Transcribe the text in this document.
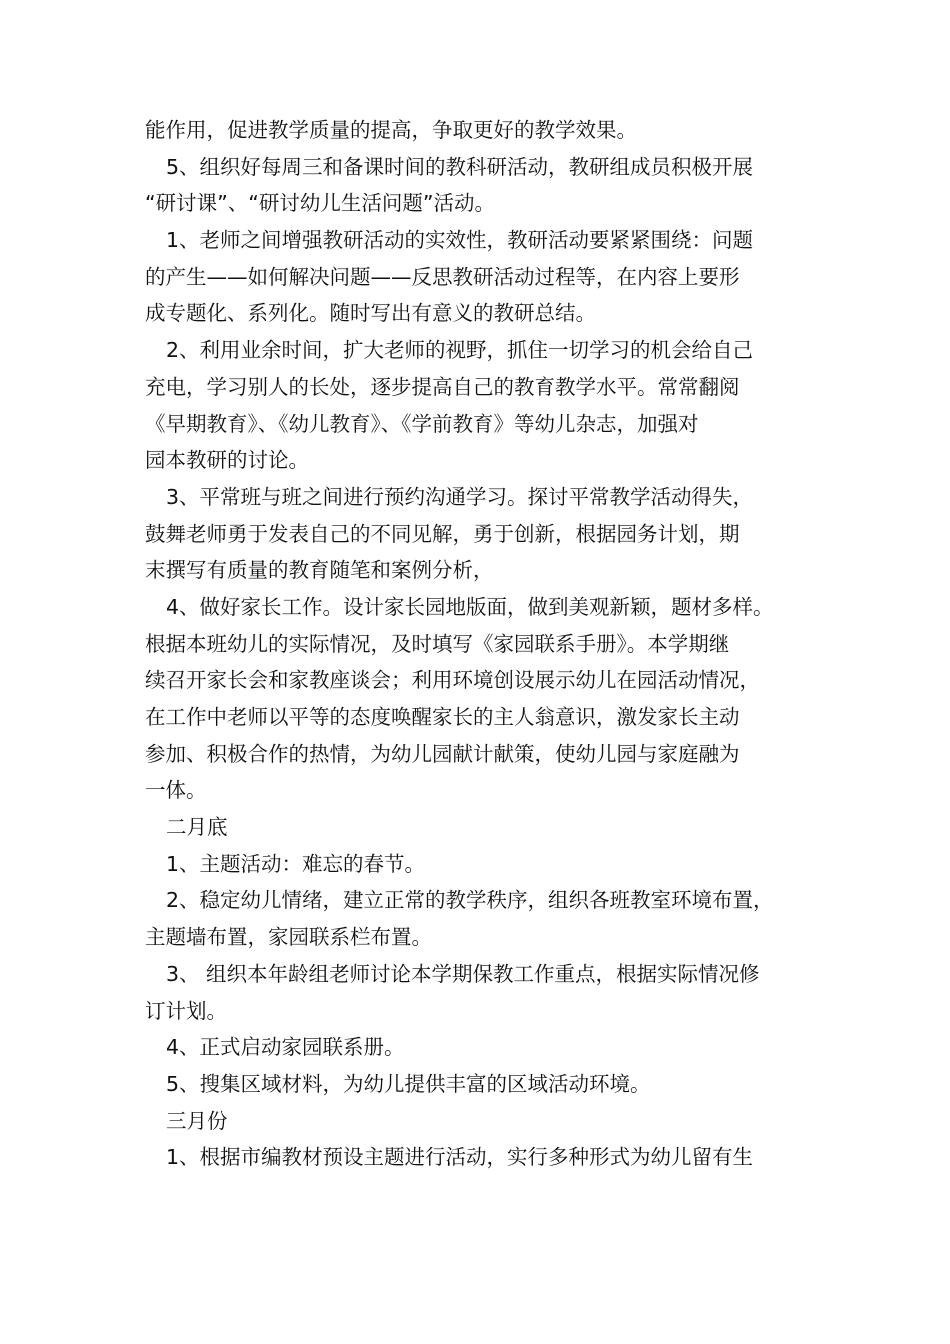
能作用，促进教学质量的提高，争取更好的教学效果。
5、组织好每周三和备课时间的教科研活动，教研组成员积极开展
“研讨课”、“研讨幼儿生活问题”活动。
1、老师之间增强教研活动的实效性，教研活动要紧紧围绕：问题
的产生——如何解决问题——反思教研活动过程等，在内容上要形
成专题化、系列化。随时写出有意义的教研总结。
2、利用业余时间，扩大老师的视野，抓住一切学习的机会给自己
充电，学习别人的长处，逐步提高自己的教育教学水平。常常翻阅
《早期教育》、《幼儿教育》、《学前教育》等幼儿杂志，加强对
园本教研的讨论。
3、平常班与班之间进行预约沟通学习。探讨平常教学活动得失，
鼓舞老师勇于发表自己的不同见解，勇于创新，根据园务计划，期
末撰写有质量的教育随笔和案例分析，
4、做好家长工作。设计家长园地版面，做到美观新颖，题材多样。
根据本班幼儿的实际情况，及时填写《家园联系手册》。本学期继
续召开家长会和家教座谈会；利用环境创设展示幼儿在园活动情况，
在工作中老师以平等的态度唤醒家长的主人翁意识，激发家长主动
参加、积极合作的热情，为幼儿园献计献策，使幼儿园与家庭融为
一体。
二月底
1、主题活动：难忘的春节。
2、稳定幼儿情绪，建立正常的教学秩序，组织各班教室环境布置，
主题墙布置，家园联系栏布置。
3、 组织本年龄组老师讨论本学期保教工作重点，根据实际情况修
订计划。
4、正式启动家园联系册。
5、搜集区域材料，为幼儿提供丰富的区域活动环境。
三月份
1、根据市编教材预设主题进行活动，实行多种形式为幼儿留有生
